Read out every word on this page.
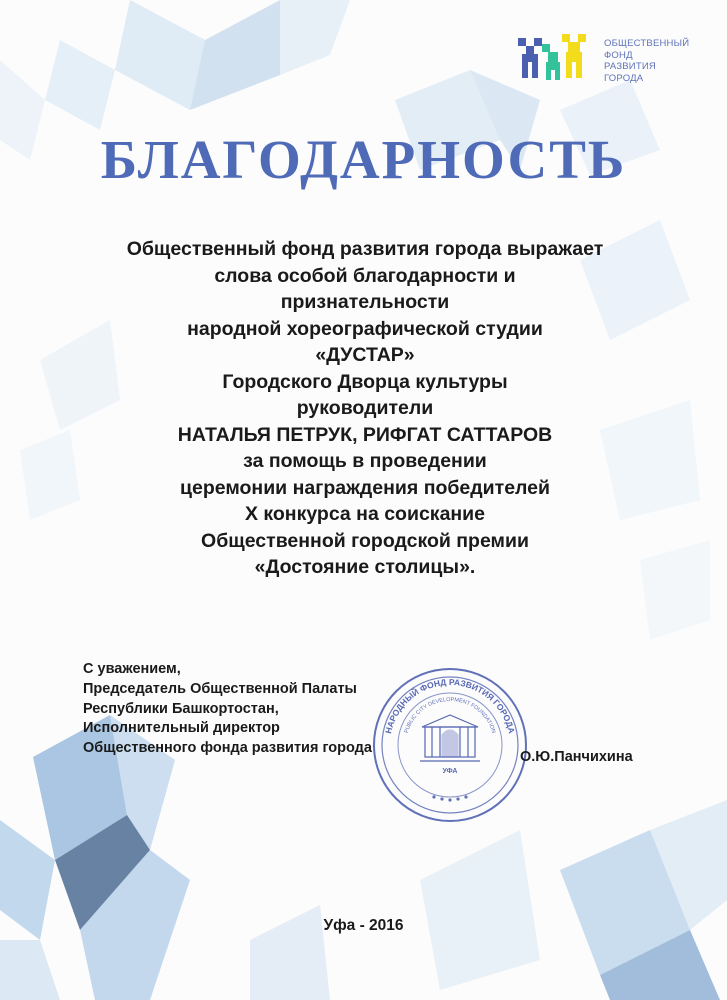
ОБЩЕСТВЕННЫЙ
ФОНД
РАЗВИТИЯ
ГОРОДА
БЛАГОДАРНОСТЬ
Общественный фонд развития города выражает
слова особой благодарности и
признательности
народной хореографической студии
«ДУСТАР»
Городского Дворца культуры
руководители
НАТАЛЬЯ ПЕТРУК, РИФГАТ САТТАРОВ
за помощь в проведении
церемонии награждения победителей
X конкурса на соискание
Общественной городской премии
«Достояние столицы».
НАРОДНЫЙ ФОНД РАЗВИТИЯ ГОРОДА
PUBLIC CITY DEVELOPMENT FOUNDATION
УФА
С уважением,
Председатель Общественной Палаты
Республики Башкортостан,
Исполнительный директор
Общественного фонда развития города
О.Ю.Панчихина
Уфа - 2016
